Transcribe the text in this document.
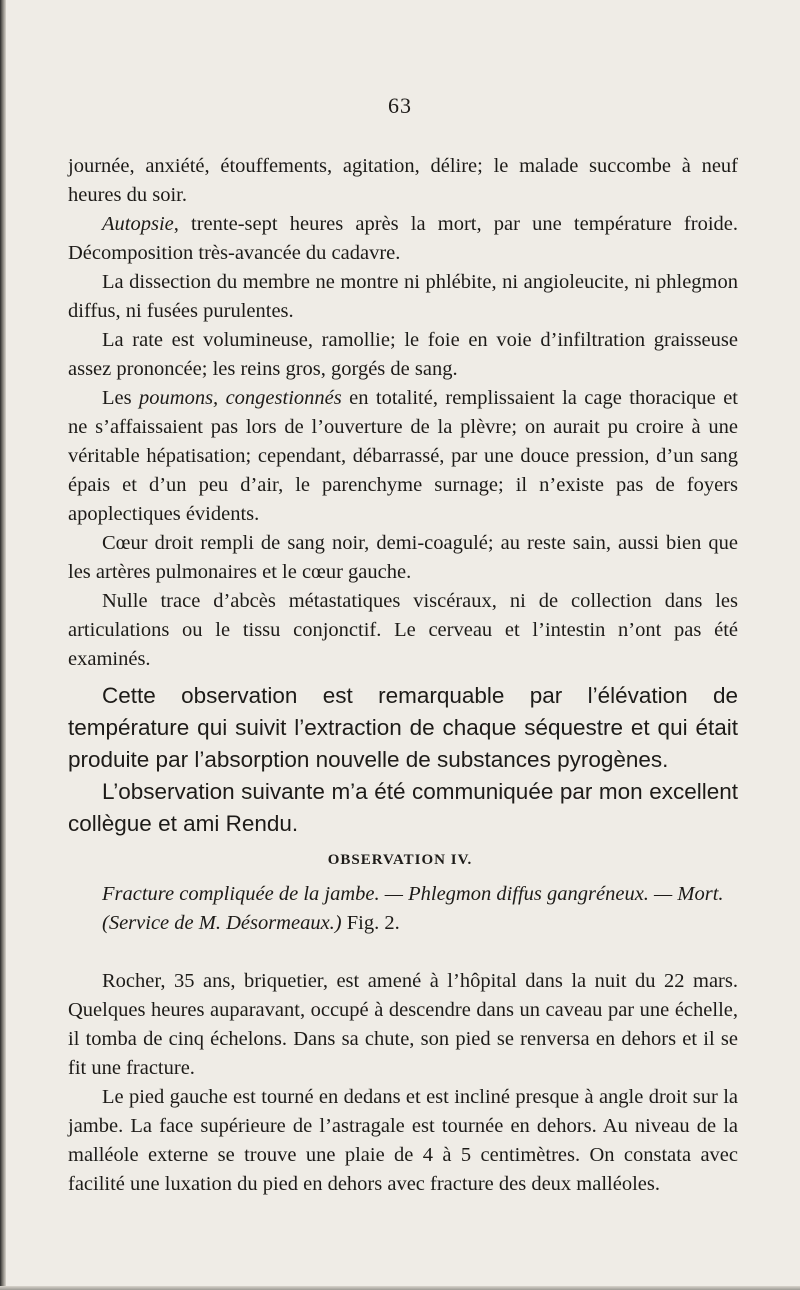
63

journée, anxiété, étouffements, agitation, délire; le malade succombe à neuf heures du soir.

Autopsie, trente-sept heures après la mort, par une température froide. Décomposition très-avancée du cadavre.

La dissection du membre ne montre ni phlébite, ni angioleucite, ni phlegmon diffus, ni fusées purulentes.

La rate est volumineuse, ramollie; le foie en voie d’infiltration graisseuse assez prononcée; les reins gros, gorgés de sang.

Les poumons, congestionnés en totalité, remplissaient la cage thoracique et ne s’affaissaient pas lors de l’ouverture de la plèvre; on aurait pu croire à une véritable hépatisation; cependant, débarrassé, par une douce pression, d’un sang épais et d’un peu d’air, le parenchyme surnage; il n’existe pas de foyers apoplectiques évidents.

Cœur droit rempli de sang noir, demi-coagulé; au reste sain, aussi bien que les artères pulmonaires et le cœur gauche.

Nulle trace d’abcès métastatiques viscéraux, ni de collection dans les articulations ou le tissu conjonctif. Le cerveau et l’intestin n’ont pas été examinés.

Cette observation est remarquable par l’élévation de température qui suivit l’extraction de chaque séquestre et qui était produite par l’absorption nouvelle de substances pyrogènes.

L’observation suivante m’a été communiquée par mon excellent collègue et ami Rendu.

OBSERVATION IV.

Fracture compliquée de la jambe. — Phlegmon diffus gangréneux. — Mort.

(Service de M. Désormeaux.) Fig. 2.

Rocher, 35 ans, briquetier, est amené à l’hôpital dans la nuit du 22 mars. Quelques heures auparavant, occupé à descendre dans un caveau par une échelle, il tomba de cinq échelons. Dans sa chute, son pied se renversa en dehors et il se fit une fracture.

Le pied gauche est tourné en dedans et est incliné presque à angle droit sur la jambe. La face supérieure de l’astragale est tournée en dehors. Au niveau de la malléole externe se trouve une plaie de 4 à 5 centimètres. On constata avec facilité une luxation du pied en dehors avec fracture des deux malléoles.
